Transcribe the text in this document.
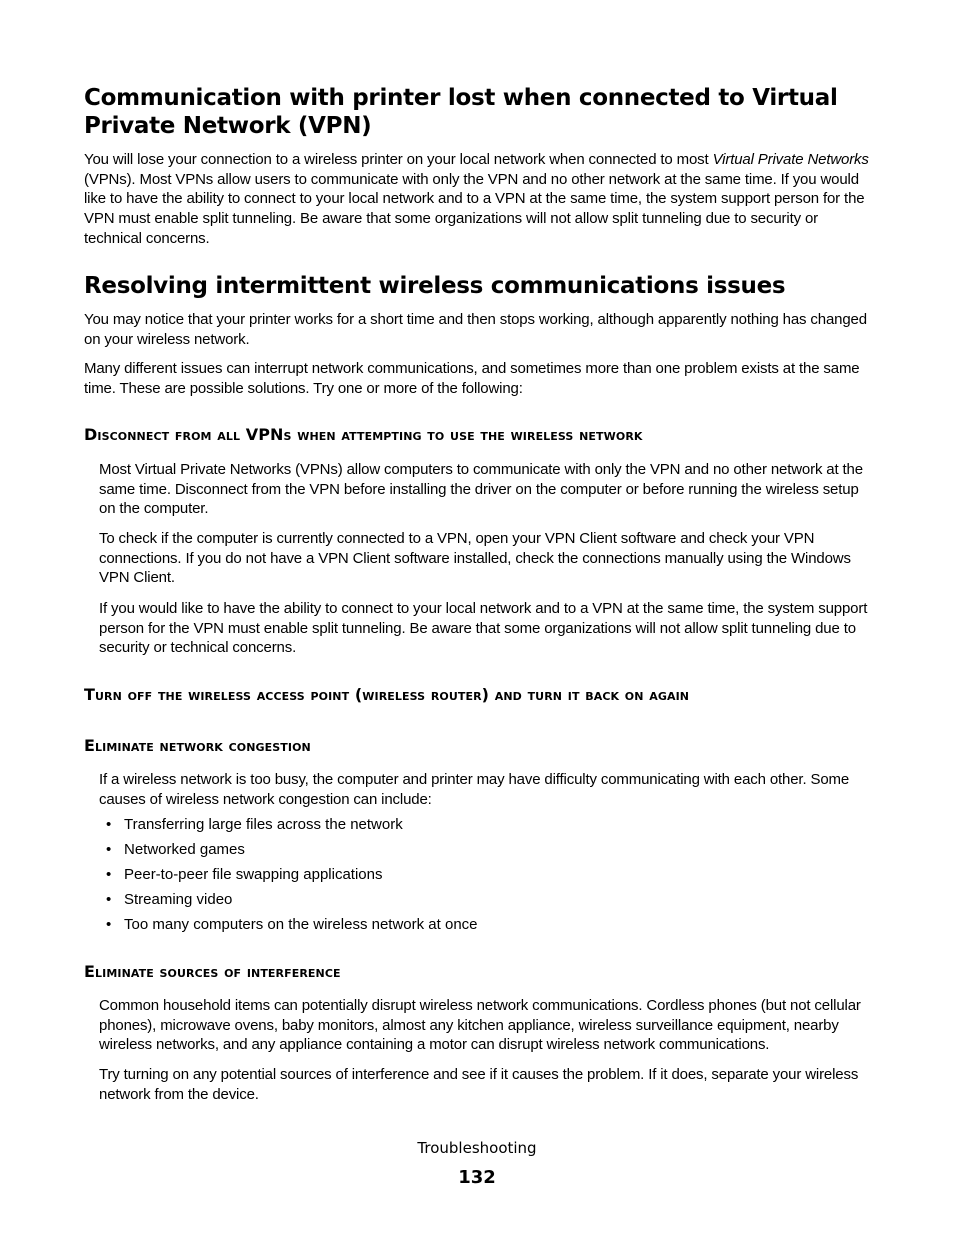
Communication with printer lost when connected to Virtual Private Network (VPN)

You will lose your connection to a wireless printer on your local network when connected to most Virtual Private Networks (VPNs). Most VPNs allow users to communicate with only the VPN and no other network at the same time. If you would like to have the ability to connect to your local network and to a VPN at the same time, the system support person for the VPN must enable split tunneling. Be aware that some organizations will not allow split tunneling due to security or technical concerns.

Resolving intermittent wireless communications issues

You may notice that your printer works for a short time and then stops working, although apparently nothing has changed on your wireless network.

Many different issues can interrupt network communications, and sometimes more than one problem exists at the same time. These are possible solutions. Try one or more of the following:

Disconnect from all VPNs when attempting to use the wireless network

Most Virtual Private Networks (VPNs) allow computers to communicate with only the VPN and no other network at the same time. Disconnect from the VPN before installing the driver on the computer or before running the wireless setup on the computer.

To check if the computer is currently connected to a VPN, open your VPN Client software and check your VPN connections. If you do not have a VPN Client software installed, check the connections manually using the Windows VPN Client.

If you would like to have the ability to connect to your local network and to a VPN at the same time, the system support person for the VPN must enable split tunneling. Be aware that some organizations will not allow split tunneling due to security or technical concerns.

Turn off the wireless access point (wireless router) and turn it back on again
Eliminate network congestion

If a wireless network is too busy, the computer and printer may have difficulty communicating with each other. Some causes of wireless network congestion can include:

• Transferring large files across the network
• Networked games
• Peer-to-peer file swapping applications
• Streaming video
• Too many computers on the wireless network at once
Eliminate sources of interference

Common household items can potentially disrupt wireless network communications. Cordless phones (but not cellular phones), microwave ovens, baby monitors, almost any kitchen appliance, wireless surveillance equipment, nearby wireless networks, and any appliance containing a motor can disrupt wireless network communications.

Try turning on any potential sources of interference and see if it causes the problem. If it does, separate your wireless network from the device.

Troubleshooting
132
